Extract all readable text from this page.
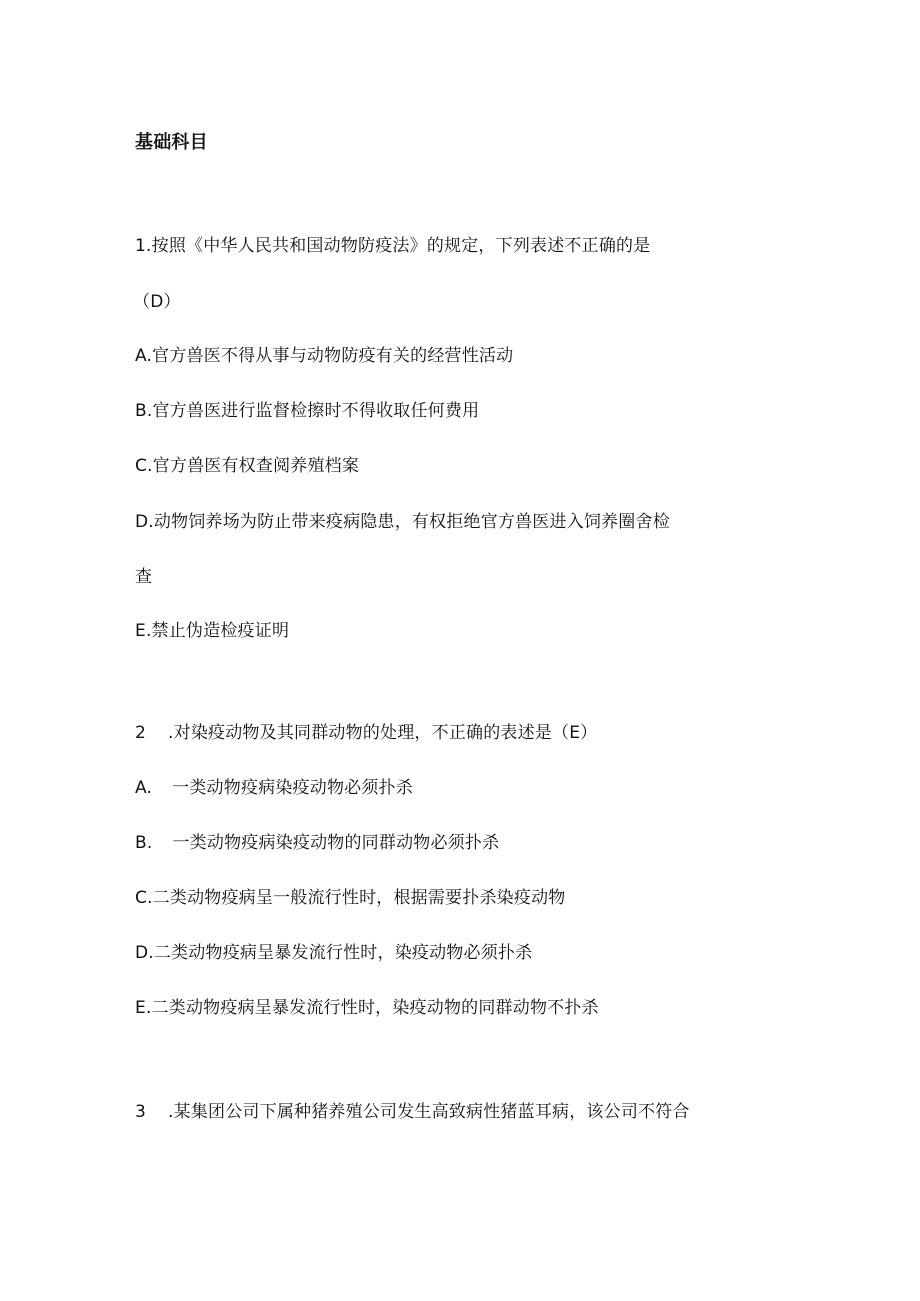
基础科目
1.按照《中华人民共和国动物防疫法》的规定，下列表述不正确的是
（D）
A.官方兽医不得从事与动物防疫有关的经营性活动
B.官方兽医进行监督检擦时不得收取任何费用
C.官方兽医有权查阅养殖档案
D.动物饲养场为防止带来疫病隐患，有权拒绝官方兽医进入饲养圈舍检
查
E.禁止伪造检疫证明
2 .对染疫动物及其同群动物的处理，不正确的表述是（E）
A. 一类动物疫病染疫动物必须扑杀
B. 一类动物疫病染疫动物的同群动物必须扑杀
C.二类动物疫病呈一般流行性时，根据需要扑杀染疫动物
D.二类动物疫病呈暴发流行性时，染疫动物必须扑杀
E.二类动物疫病呈暴发流行性时，染疫动物的同群动物不扑杀
3 .某集团公司下属种猪养殖公司发生高致病性猪蓝耳病，该公司不符合
